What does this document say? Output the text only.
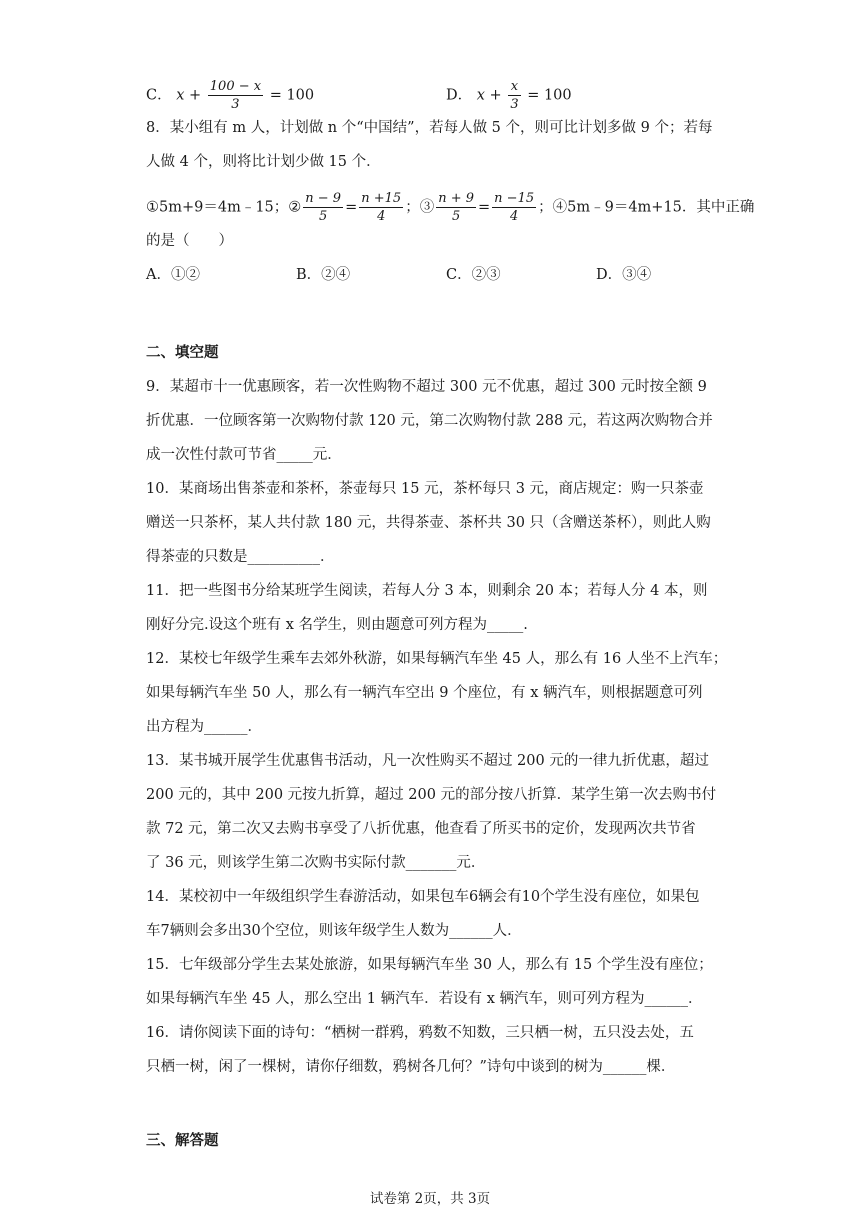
C． $x + \frac{100 - x}{3} = 100$	D． $x + \frac{x}{3} = 100$
8．某小组有 m 人，计划做 n 个“中国结”，若每人做 5 个，则可比计划多做 9 个；若每
人做 4 个，则将比计划少做 15 个．
①5m+9＝4m﹣15；② $\frac{n - 9}{5} = \frac{n +15}{4}$ ；③ $\frac{n + 9}{5} = \frac{n -15}{4}$ ；④5m﹣9＝4m+15．其中正确
的是（　　）
A．①②	B．②④	C．②③	D．③④
二、填空题
9．某超市十一优惠顾客，若一次性购物不超过 300 元不优惠，超过 300 元时按全额 9
折优惠．一位顾客第一次购物付款 120 元，第二次购物付款 288 元，若这两次购物合并
成一次性付款可节省_____元．
10．某商场出售茶壶和茶杯，茶壶每只 15 元，茶杯每只 3 元，商店规定：购一只茶壶
赠送一只茶杯，某人共付款 180 元，共得茶壶、茶杯共 30 只（含赠送茶杯），则此人购
得茶壶的只数是__________．
11．把一些图书分给某班学生阅读，若每人分 3 本，则剩余 20 本；若每人分 4 本，则
刚好分完.设这个班有 x 名学生，则由题意可列方程为_____.
12．某校七年级学生乘车去郊外秋游，如果每辆汽车坐 45 人，那么有 16 人坐不上汽车；
如果每辆汽车坐 50 人，那么有一辆汽车空出 9 个座位，有 x 辆汽车，则根据题意可列
出方程为______．
13．某书城开展学生优惠售书活动，凡一次性购买不超过 200 元的一律九折优惠，超过
200 元的，其中 200 元按九折算，超过 200 元的部分按八折算．某学生第一次去购书付
款 72 元，第二次又去购书享受了八折优惠，他查看了所买书的定价，发现两次共节省
了 36 元，则该学生第二次购书实际付款_______元．
14．某校初中一年级组织学生春游活动，如果包车6辆会有10个学生没有座位，如果包
车7辆则会多出30个空位，则该年级学生人数为______人．
15．七年级部分学生去某处旅游，如果每辆汽车坐 30 人，那么有 15 个学生没有座位；
如果每辆汽车坐 45 人，那么空出 1 辆汽车．若设有 x 辆汽车，则可列方程为______．
16．请你阅读下面的诗句：“栖树一群鸦，鸦数不知数，三只栖一树，五只没去处，五
只栖一树，闲了一棵树，请你仔细数，鸦树各几何？”诗句中谈到的树为______棵．
三、解答题
试卷第 2页，共 3页
